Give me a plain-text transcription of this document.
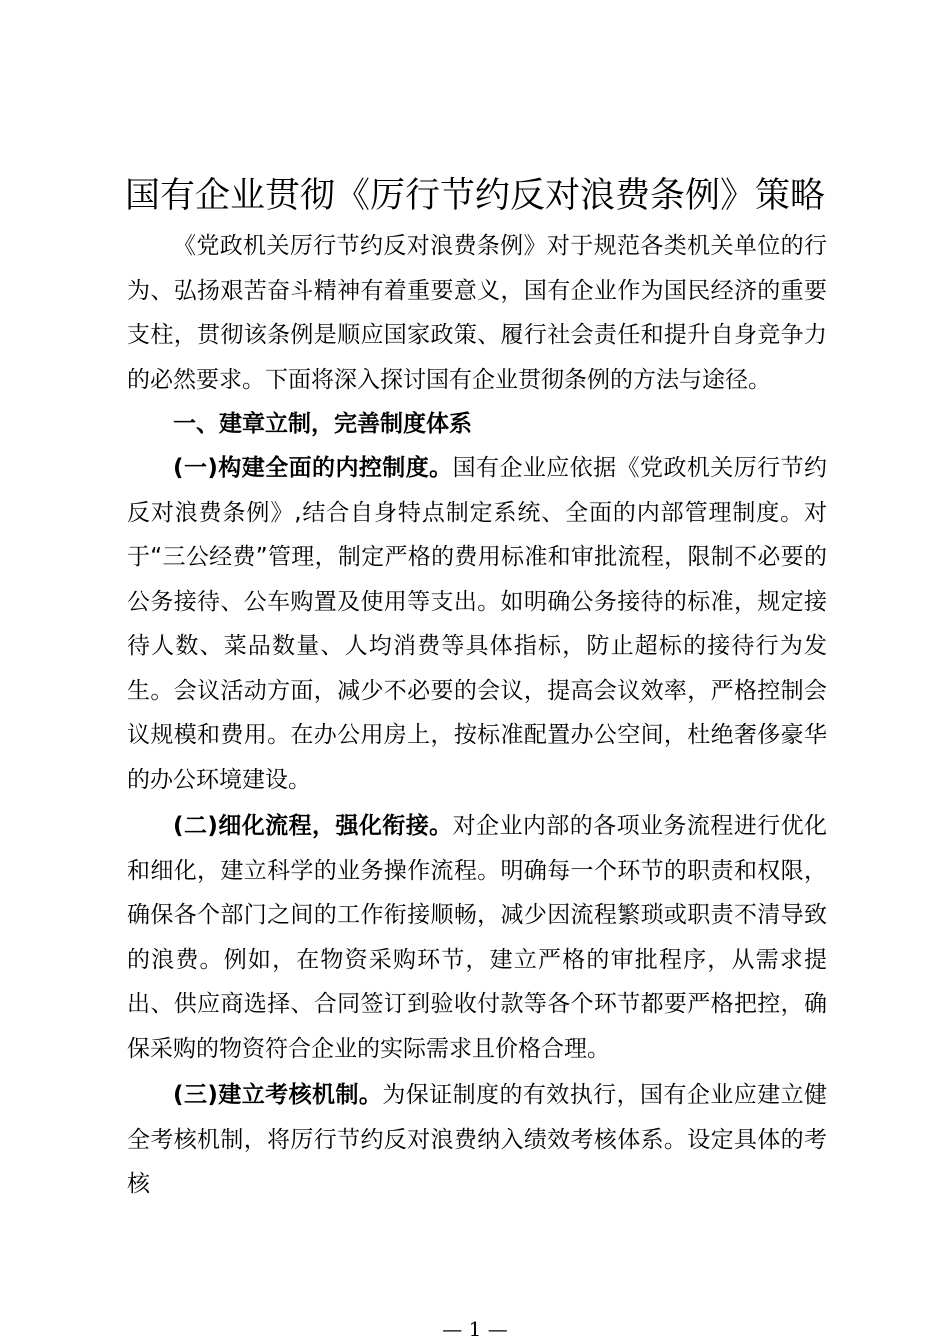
国有企业贯彻《厉行节约反对浪费条例》策略
《党政机关厉行节约反对浪费条例》对于规范各类机关单位的行为、弘扬艰苦奋斗精神有着重要意义，国有企业作为国民经济的重要支柱，贯彻该条例是顺应国家政策、履行社会责任和提升自身竞争力的必然要求。下面将深入探讨国有企业贯彻条例的方法与途径。
一、建章立制，完善制度体系
(一)构建全面的内控制度。国有企业应依据《党政机关厉行节约反对浪费条例》,结合自身特点制定系统、全面的内部管理制度。对于“三公经费”管理，制定严格的费用标准和审批流程，限制不必要的公务接待、公车购置及使用等支出。如明确公务接待的标准，规定接待人数、菜品数量、人均消费等具体指标，防止超标的接待行为发生。会议活动方面，减少不必要的会议，提高会议效率，严格控制会议规模和费用。在办公用房上，按标准配置办公空间，杜绝奢侈豪华的办公环境建设。
(二)细化流程，强化衔接。对企业内部的各项业务流程进行优化和细化，建立科学的业务操作流程。明确每一个环节的职责和权限，确保各个部门之间的工作衔接顺畅，减少因流程繁琐或职责不清导致的浪费。例如，在物资采购环节，建立严格的审批程序，从需求提出、供应商选择、合同签订到验收付款等各个环节都要严格把控，确保采购的物资符合企业的实际需求且价格合理。
(三)建立考核机制。为保证制度的有效执行，国有企业应建立健全考核机制，将厉行节约反对浪费纳入绩效考核体系。设定具体的考核
— 1 —
